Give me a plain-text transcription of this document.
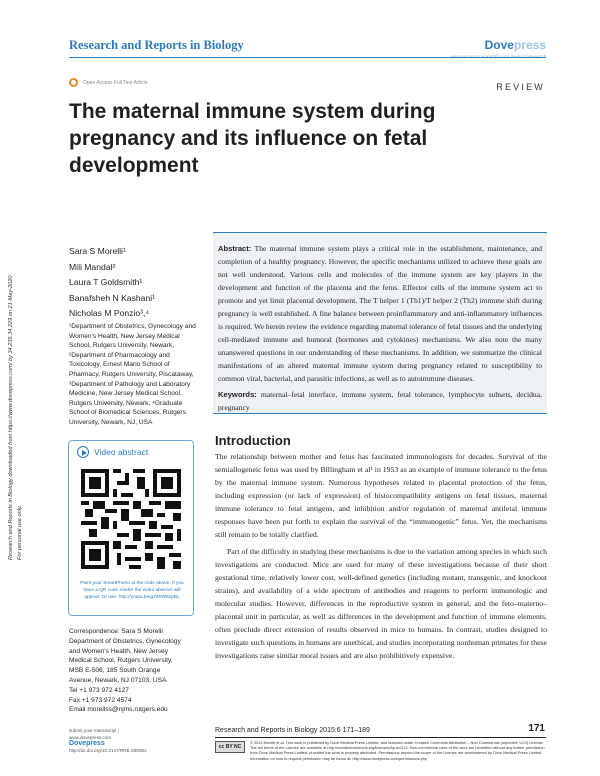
Research and Reports in Biology	Dovepress
Open Access Full Text Article	REVIEW
The maternal immune system during pregnancy and its influence on fetal development
Research and Reports in Biology downloaded from https://www.dovepress.com/ by 34.235.34.229 on 21-May-2020 For personal use only.
Sara S Morelli¹
Mili Mandal²
Laura T Goldsmith¹
Banafsheh N Kashani¹
Nicholas M Ponzio³,⁴
¹Department of Obstetrics, Gynecology and Women's Health, New Jersey Medical School, Rutgers University, Newark, ²Department of Pharmacology and Toxicology, Ernest Mario School of Pharmacy, Rutgers University, Piscataway, ³Department of Pathology and Laboratory Medicine, New Jersey Medical School, Rutgers University, Newark, ⁴Graduate School of Biomedical Sciences, Rutgers University, Newark, NJ, USA
Video abstract
Point your SmartPhone at the code above. If you have a QR code reader the video abstract will appear. Or use: http://youtu.be/gJWrW6zpBL
Correspondence: Sara S Morelli
Department of Obstetrics, Gynecology
and Women's Health, New Jersey
Medical School, Rutgers University,
MSB E-506, 185 South Orange
Avenue, Newark, NJ 07103, USA
Tel +1 973 972 4127
Fax +1 973 972 4574
Email morellss@njms.rutgers.edu
Abstract: The maternal immune system plays a critical role in the establishment, maintenance, and completion of a healthy pregnancy. However, the specific mechanisms utilized to achieve these goals are not well understood. Various cells and molecules of the immune system are key players in the development and function of the placenta and the fetus. Effector cells of the immune system act to promote and yet limit placental development. The T helper 1 (Th1)/T helper 2 (Th2) immune shift during pregnancy is well established. A fine balance between proinflammatory and anti-inflammatory influences is required. We herein review the evidence regarding maternal tolerance of fetal tissues and the underlying cell-mediated immune and humoral (hormones and cytokines) mechanisms. We also note the many unanswered questions in our understanding of these mechanisms. In addition, we summarize the clinical manifestations of an altered maternal immune system during pregnancy related to susceptibility to common viral, bacterial, and parasitic infections, as well as to autoimmune diseases.
Keywords: maternal–fetal interface, immune system, fetal tolerance, lymphocyte subsets, decidua, pregnancy
Introduction

The relationship between mother and fetus has fascinated immunologists for decades. Survival of the semiallogeneic fetus was used by Billingham et al¹ in 1953 as an example of immune tolerance to the fetus by the maternal immune system. Numerous hypotheses related to placental protection of the fetus, including expression (or lack of expression) of histocompatibility antigens on fetal tissues, maternal immune tolerance to fetal antigens, and inhibition and/or regulation of maternal antifetal immune responses have been put forth to explain the survival of the “immunogenic” fetus. Yet, the mechanisms still remain to be totally clarified.

Part of the difficulty in studying these mechanisms is due to the variation among species in which such investigations are conducted. Mice are used for many of these investigations because of their short gestational time, relatively lower cost, well-defined genetics (including mutant, transgenic, and knockout strains), and availability of a wide spectrum of antibodies and reagents to perform immunologic and molecular studies. However, differences in the reproductive system in general, and the feto–materno–placental unit in particular, as well as differences in the development and function of immune elements, often preclude direct extension of results observed in mice to humans. In contrast, studies designed to investigate such questions in humans are unethical, and studies incorporating nonhuman primates for these investigations raise similar moral issues and are also prohibitively expensive.

Research and Reports in Biology 2015:6 171–189	171
submit your manuscript |
www.dovepress.com
Dovepress
http://dx.doi.org/10.2147/RRB.S80652	cc BY NC
© 2015 Morelli et al. This work is published by Dove Medical Press Limited, and licensed under Creative Commons Attribution – Non Commercial (unported, v3.0) License. The full terms of the License are available at http://creativecommons.org/licenses/by-nc/3.0/. Non-commercial uses of the work are permitted without any further permission from Dove Medical Press Limited, provided the work is properly attributed. Permissions beyond the scope of the License are administered by Dove Medical Press Limited. Information on how to request permission may be found at: http://www.dovepress.com/permissions.php
